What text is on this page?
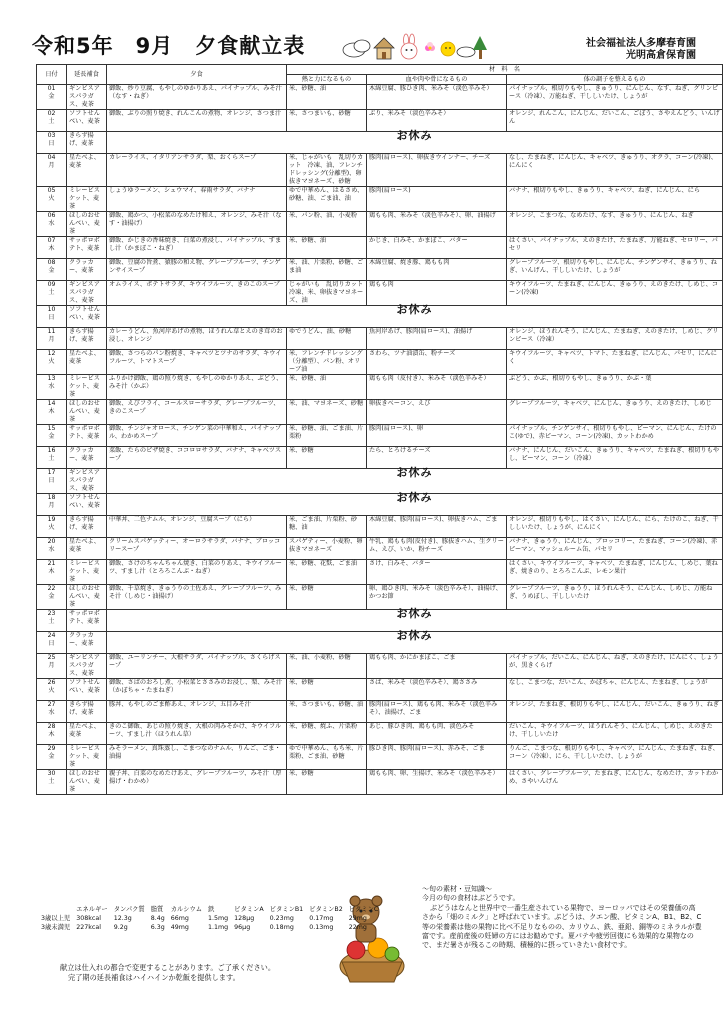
令和5年　9月　夕食献立表	社会福祉法人多摩春育園
光明高倉保育園
日付	延長補食	夕食	材　料　名		
			熱と力になるもの	血や肉や骨になるもの	体の調子を整えるもの

01
金	ギンビスアスパラガス、麦茶	御飯、炒り豆腐、もやしのゆかりあえ、パイナップル、みそ汁（なす・ねぎ）	米、砂糖、油	木綿豆腐、豚ひき肉、米みそ（淡色辛みそ）	パイナップル、根切りもやし、きゅうり、にんじん、なす、ねぎ、グリンピース（冷凍）、万能ねぎ、干ししいたけ、しょうが

02
土	ソフトせんべい、麦茶	御飯、ぶりの照り焼き、れんこんの煮物、オレンジ、さつま汁	米、さつまいも、砂糖	ぶり、米みそ（淡色辛みそ）	オレンジ、れんこん、にんじん、だいこん、ごぼう、さやえんどう、いんげん

03
日	きらず揚げ、麦茶	お休み			

04
月	星たべよ、麦茶	カレーライス、イタリアンサラダ、梨、おくらスープ	米、じゃがいも　乱切りカット　冷凍、油、フレンチドレッシング(分離型)、卵抜きマヨネーズ、砂糖	豚肉(肩ロース)、卵抜きウインナー、チーズ	なし、たまねぎ、にんじん、キャベツ、きゅうり、オクラ、コーン(冷凍)、にんにく

05
火	ミレービスケット、麦茶	しょうゆラーメン、シュウマイ、春雨サラダ、バナナ	ゆで中華めん、はるさめ、砂糖、油、ごま油、油	豚肉(肩ロース)	バナナ、根切りもやし、きゅうり、キャベツ、ねぎ、にんじん、にら

06
水	ほしのおせんべい、麦茶	御飯、鶏かつ、小松菜のなめたけ和え、オレンジ、みそ汁（なす・油揚げ）	米、パン粉、油、小麦粉	鶏もも肉、米みそ（淡色辛みそ）、卵、油揚げ	オレンジ、こまつな、なめたけ、なす、きゅうり、にんじん、ねぎ

07
木	サッポロポテト、麦茶	御飯、かじきの香味焼き、白菜の煮浸し、パイナップル、すまし汁（かまぼこ・ねぎ）	米、砂糖、油	かじき、白みそ、かまぼこ、バター	はくさい、パイナップル、えのきたけ、たまねぎ、万能ねぎ、セロリー、パセリ

08
金	クラッカー、麦茶	御飯、豆腐の旨煮、猿豚の和え物、グレープフルーツ、チンゲンサイスープ	米、油、片栗粉、砂糖、ごま油	木綿豆腐、焼き豚、鶏もも肉	グレープフルーツ、根切りもやし、にんじん、チンゲンサイ、きゅうり、ねぎ、いんげん、干ししいたけ、しょうが

09
土	ギンビスアスパラガス、麦茶	オムライス、ポテトサラダ、キウイフルーツ、きのこのスープ	じゃがいも　乱切りカット　冷凍、米、卵抜きマヨネーズ、油	鶏もも肉	キウイフルーツ、たまねぎ、にんじん、きゅうり、えのきたけ、しめじ、コーン(冷凍)

10
日	ソフトせんべい、麦茶	お休み			

11
月	きらず揚げ、麦茶	カレーうどん、魚河岸あげの煮物、ほうれん草とえのき茸のお浸し、オレンジ	ゆでうどん、油、砂糖	魚河岸あげ、豚肉(肩ロース)、油揚げ	オレンジ、ほうれんそう、にんじん、たまねぎ、えのきたけ、しめじ、グリンピース（冷凍）

12
火	星たべよ、麦茶	御飯、さつらのパン粉焼き、キャベツとツナのサラダ、キウイフルーツ、トマトスープ	米、フレンチドレッシング（分離型）、パン粉、オリーブ油	さわら、ツナ油漬缶、粉チーズ	キウイフルーツ、キャベツ、トマト、たまねぎ、にんじん、パセリ、にんにく

13
水	ミレービスケット、麦茶	ふりかけ御飯、鶏の照り焼き、もやしのゆかりあえ、ぶどう、みそ汁（かぶ）	米、砂糖、油	鶏もも肉（皮付き）、米みそ（淡色辛みそ）	ぶどう、かぶ、根切りもやし、きゅうり、かぶ・葉

14
木	ほしのおせんべい、麦茶	御飯、えびフライ、コールスローサラダ、グレープフルーツ、きのこスープ	米、油、マヨネーズ、砂糖	卵抜きベーコン、えび	グレープフルーツ、キャベツ、にんじん、きゅうり、えのきたけ、しめじ

15
金	サッポロポテト、麦茶	御飯、チンジャオロース、チンゲン菜の中華和え、パイナップル、わかめスープ	米、砂糖、油、ごま油、片栗粉	豚肉(肩ロース)、卵	パイナップル、チンゲンサイ、根切りもやし、ピーマン、にんじん、たけのこ(ゆで)、赤ピーマン、コーン(冷凍)、カットわかめ

16
土	クラッカー、麦茶	菜飯、たらのピザ焼き、ココロロサラダ、バナナ、キャベツスープ	米、砂糖	たら、とろけるチーズ	バナナ、にんじん、だいこん、きゅうり、キャベツ、たまねぎ、根切りもやし、ピーマン、コーン（冷凍）

17
日	ギンビスアスパラガス、麦茶	お休み			

18
月	ソフトせんべい、麦茶	お休み			

19
火	きらず揚げ、麦茶	中華丼、二色ナムル、オレンジ、豆腐スープ（にら）	米、ごま油、片栗粉、砂糖、油	木綿豆腐、豚肉(肩ロース)、卵抜きハム、ごま	オレンジ、根切りもやし、はくさい、にんじん、にら、たけのこ、ねぎ、干ししいたけ、しょうが、にんにく

20
水	星たべよ、麦茶	クリームスパゲッティー、オーロラサラダ、バナナ、ブロッコリースープ	スパゲティー、小麦粉、卵抜きマヨネーズ	牛乳、鶏もも肉(皮付き)、豚抜きハム、生クリーム、えび、いか、粉チーズ	バナナ、きゅうり、にんじん、ブロッコリー、たまねぎ、コーン(冷凍)、赤ピーマン、マッシュルーム缶、パセリ

21
木	ミレービスケット、麦茶	御飯、さけのちゃんちゃん焼き、白菜のりあえ、キウイフルーツ、すまし汁（とろろこんぶ・ねぎ）	米、砂糖、花麩、ごま油	さけ、白みそ、バター	はくさい、キウイフルーツ、キャベツ、たまねぎ、にんじん、しめじ、葉ねぎ、焼きのり、とろろこんぶ、レモン果汁

22
金	ほしのおせんべい、麦茶	御飯、千草焼き、きゅうりの土佐あえ、グレープフルーツ、みそ汁（しめじ・油揚げ）	米、砂糖	卵、鶏ひき肉、米みそ（淡色辛みそ）、油揚げ、かつお節	グレープフルーツ、きゅうり、ほうれんそう、にんじん、しめじ、万能ねぎ、うめぼし、干ししいたけ

23
土	サッポロポテト、麦茶	お休み			

24
日	クラッカー、麦茶	お休み			

25
月	ギンビスアスパラガス、麦茶	御飯、ユーリンチー、大根サラダ、パイナップル、さくらげスープ	米、油、小麦粉、砂糖	鶏もも肉、かにかまぼこ、ごま	パイナップル、だいこん、にんじん、ねぎ、えのきたけ、にんにく、しょうが、黒きくらげ

26
火	ソフトせんべい、麦茶	御飯、さばのおろし煮、小松菜とささみのお浸し、梨、みそ汁（かぼちゃ・たまねぎ）	米、砂糖	さば、米みそ（淡色辛みそ）、鶏ささみ	なし、こまつな、だいこん、かぼちゃ、にんじん、たまねぎ、しょうが

27
水	きらず揚げ、麦茶	豚丼、もやしのごま酢あえ、オレンジ、五目みそ汁	米、さつまいも、砂糖、油	豚肉(肩ロース)、鶏もも肉、米みそ（淡色辛みそ）、油揚げ、ごま	オレンジ、たまねぎ、根切りもやし、にんじん、だいこん、きゅうり、ねぎ

28
木	星たべよ、麦茶	きのこ御飯、あじの照り焼き、大根の肉みそかけ、キウイフルーツ、すまし汁（ほうれん草）	米、砂糖、焼ふ、片栗粉	あじ、豚ひき肉、鶏もも肉、淡色みそ	だいこん、キウイフルーツ、ほうれんそう、にんじん、しめじ、えのきたけ、干ししいたけ

29
金	ミレービスケット、麦茶	みそラーメン、真珠蒸し、こまつなのナムル、りんご、ごま・油揚	ゆで中華めん、もち米、片栗粉、ごま油、砂糖	豚ひき肉、豚肉(肩ロース)、赤みそ、ごま	りんご、こまつな、根切りもやし、キャベツ、にんじん、たまねぎ、ねぎ、コーン（冷凍）、にら、干ししいたけ、しょうが

30
土	ほしのおせんべい、麦茶	親子丼、白菜のなめたけあえ、グレープフルーツ、みそ汁（厚揚げ・わかめ）	米、砂糖	鶏もも肉、卵、生揚げ、米みそ（淡色辛みそ）	はくさい、グレープフルーツ、たまねぎ、にんじん、なめたけ、カットわかめ、さやいんげん
	エネルギー	タンパク質	脂質	カルシウム	鉄	ビタミンA	ビタミンB1	ビタミンB2	ビタミンC
3歳以上児	308kcal	12.3g	8.4g	66mg	1.5mg	128μg	0.23mg	0.17mg	29mg
3歳未満児	227kcal	9.2g	6.3g	49mg	1.1mg	96μg	0.18mg	0.13mg	22mg
献立は仕入れの都合で変更することがあります。ご了承ください。
完了期の延長補食はハイハインか乾飯を提供します。
～旬の素材・豆知識～
今月の旬の食材はぶどうです。
ぶどうはなんと世界中で一番生産されている果物で、ヨーロッパではその栄養価の高さから「畑のミルク」と呼ばれています。ぶどうは、クエン酸、ビタミンA、B1、B2、C等の栄養素は他の果物に比べ不足りなものの、カリウム、鉄、亜鉛、銅等のミネラルが豊富です。産前産後の妊婦の方にはお勧めです。夏バテや疲労回復にも効果的な果物なので、まだ暑さが残るこの時期、積極的に摂っていきたい食材です。
